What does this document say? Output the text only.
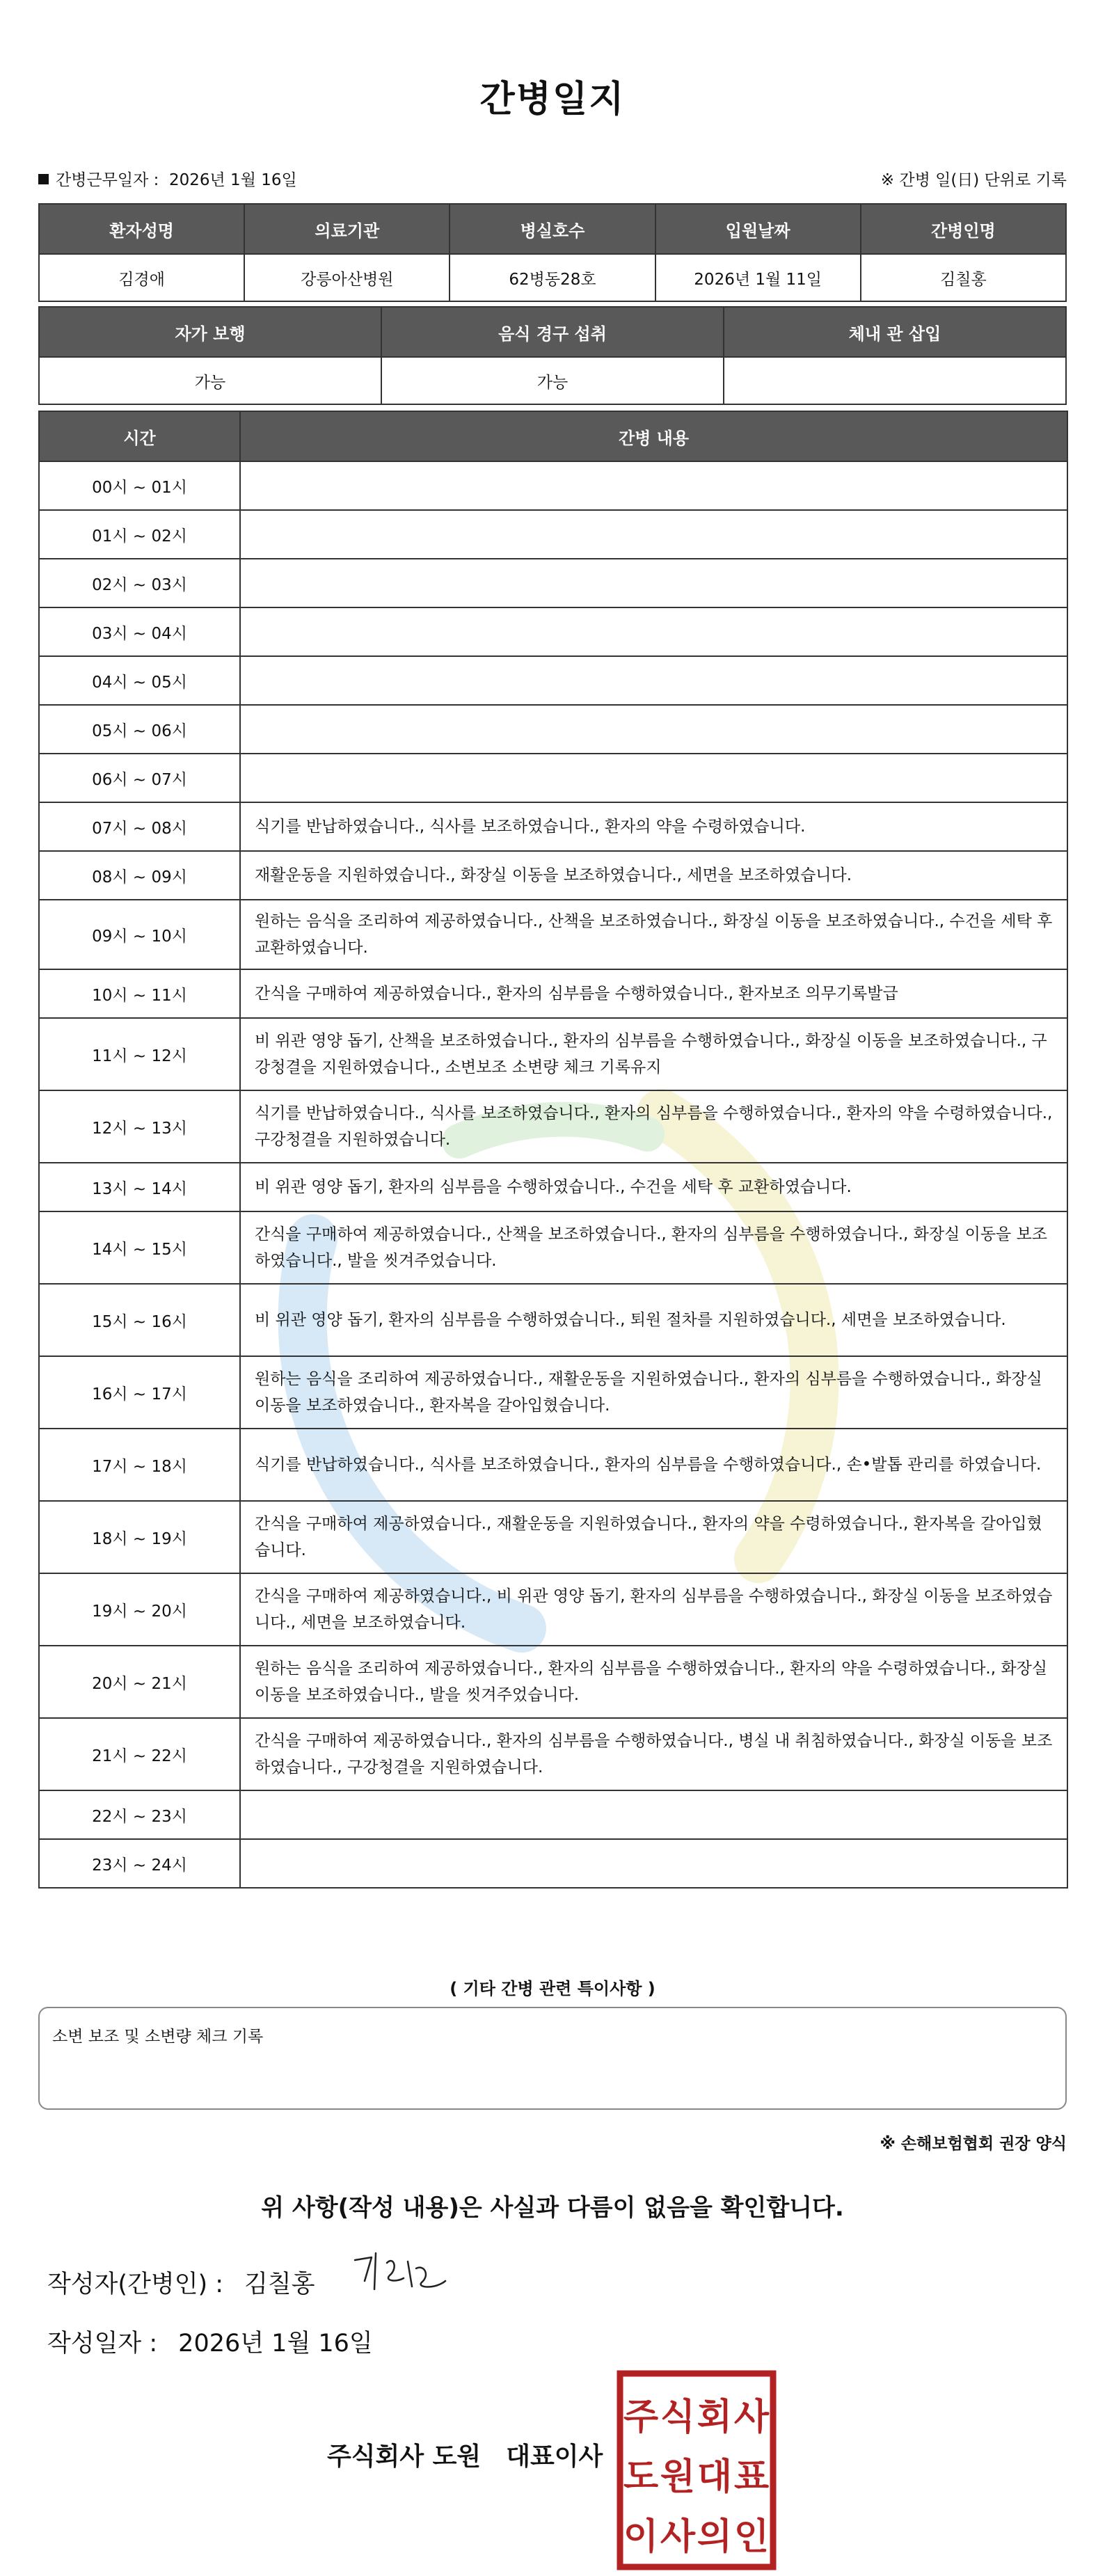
간병일지
간병근무일자 : 2026년 1월 16일	※ 간병 일(日) 단위로 기록
환자성명	의료기관	병실호수	입원날짜	간병인명
김경애	강릉아산병원	62병동28호	2026년 1월 11일	김칠홍
자가 보행	음식 경구 섭취	체내 관 삽입
가능	가능	
시간	간병 내용
00시 ~ 01시	
01시 ~ 02시	
02시 ~ 03시	
03시 ~ 04시	
04시 ~ 05시	
05시 ~ 06시	
06시 ~ 07시	
07시 ~ 08시	식기를 반납하였습니다., 식사를 보조하였습니다., 환자의 약을 수령하였습니다.
08시 ~ 09시	재활운동을 지원하였습니다., 화장실 이동을 보조하였습니다., 세면을 보조하였습니다.
09시 ~ 10시	원하는 음식을 조리하여 제공하였습니다., 산책을 보조하였습니다., 화장실 이동을 보조하였습니다., 수건을 세탁 후 교환하였습니다.
10시 ~ 11시	간식을 구매하여 제공하였습니다., 환자의 심부름을 수행하였습니다., 환자보조 의무기록발급
11시 ~ 12시	비 위관 영양 돕기, 산책을 보조하였습니다., 환자의 심부름을 수행하였습니다., 화장실 이동을 보조하였습니다., 구강청결을 지원하였습니다., 소변보조 소변량 체크 기록유지
12시 ~ 13시	식기를 반납하였습니다., 식사를 보조하였습니다., 환자의 심부름을 수행하였습니다., 환자의 약을 수령하였습니다., 구강청결을 지원하였습니다.
13시 ~ 14시	비 위관 영양 돕기, 환자의 심부름을 수행하였습니다., 수건을 세탁 후 교환하였습니다.
14시 ~ 15시	간식을 구매하여 제공하였습니다., 산책을 보조하였습니다., 환자의 심부름을 수행하였습니다., 화장실 이동을 보조하였습니다., 발을 씻겨주었습니다.
15시 ~ 16시	비 위관 영양 돕기, 환자의 심부름을 수행하였습니다., 퇴원 절차를 지원하였습니다., 세면을 보조하였습니다.
16시 ~ 17시	원하는 음식을 조리하여 제공하였습니다., 재활운동을 지원하였습니다., 환자의 심부름을 수행하였습니다., 화장실 이동을 보조하였습니다., 환자복을 갈아입혔습니다.
17시 ~ 18시	식기를 반납하였습니다., 식사를 보조하였습니다., 환자의 심부름을 수행하였습니다., 손•발톱 관리를 하였습니다.
18시 ~ 19시	간식을 구매하여 제공하였습니다., 재활운동을 지원하였습니다., 환자의 약을 수령하였습니다., 환자복을 갈아입혔습니다.
19시 ~ 20시	간식을 구매하여 제공하였습니다., 비 위관 영양 돕기, 환자의 심부름을 수행하였습니다., 화장실 이동을 보조하였습니다., 세면을 보조하였습니다.
20시 ~ 21시	원하는 음식을 조리하여 제공하였습니다., 환자의 심부름을 수행하였습니다., 환자의 약을 수령하였습니다., 화장실 이동을 보조하였습니다., 발을 씻겨주었습니다.
21시 ~ 22시	간식을 구매하여 제공하였습니다., 환자의 심부름을 수행하였습니다., 병실 내 취침하였습니다., 화장실 이동을 보조하였습니다., 구강청결을 지원하였습니다.
22시 ~ 23시	
23시 ~ 24시	
( 기타 간병 관련 특이사항 )
소변 보조 및 소변량 체크 기록
※ 손해보험협회 권장 양식
위 사항(작성 내용)은 사실과 다름이 없음을 확인합니다.
작성자(간병인) : 김칠홍
작성일자 : 2026년 1월 16일
주식회사 도원 대표이사
주 식 회 사
도 원 대 표
이 사 의 인
